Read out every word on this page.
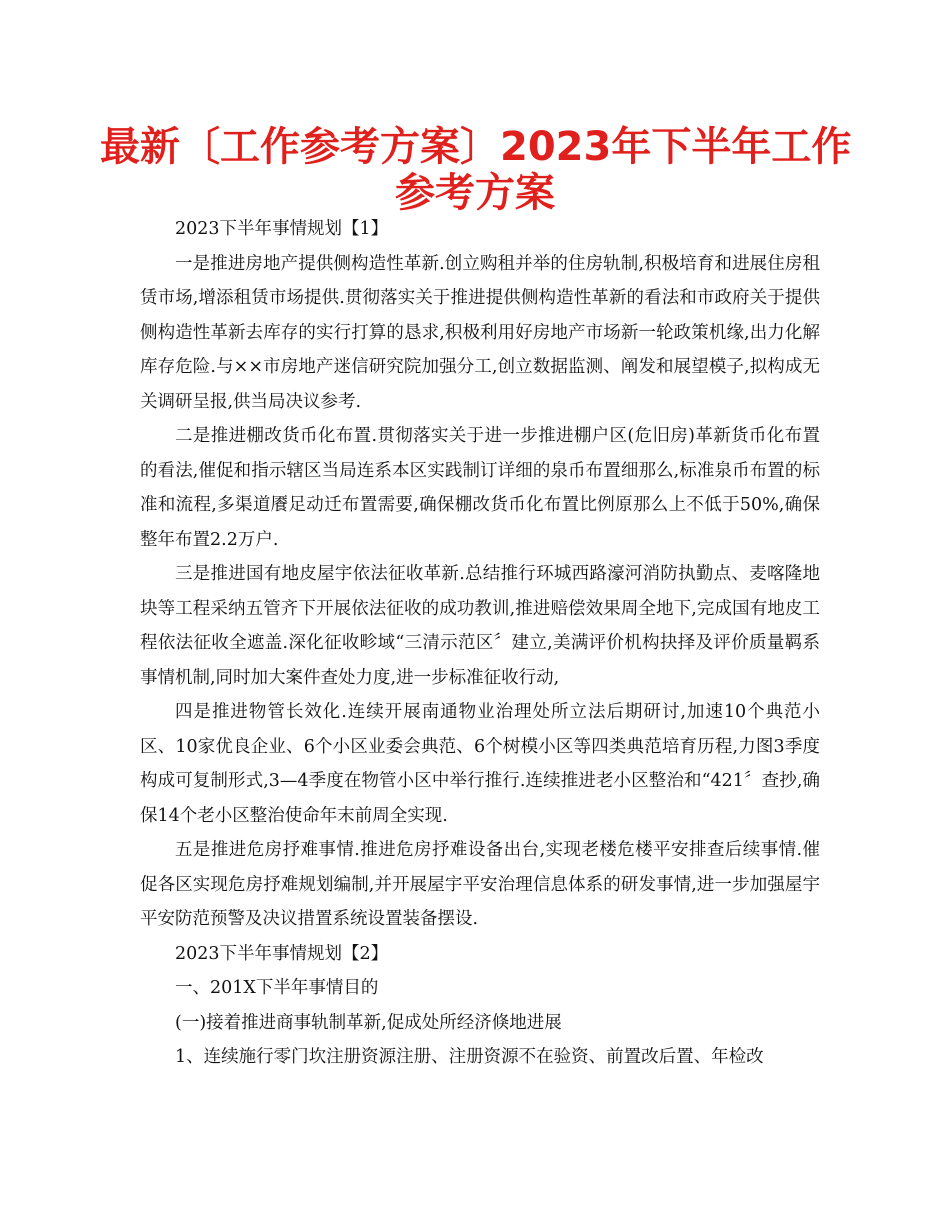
最新〔工作参考方案〕2023年下半年工作
参考方案

2023下半年事情规划【1】

一是推进房地产提供侧构造性革新.创立购租并举的住房轨制,积极培育和进展住房租赁市场,增添租赁市场提供.贯彻落实关于推进提供侧构造性革新的看法和市政府关于提供侧构造性革新去库存的实行打算的恳求,积极利用好房地产市场新一轮政策机缘,出力化解库存危险.与××市房地产迷信研究院加强分工,创立数据监测、阐发和展望模子,拟构成无关调研呈报,供当局决议参考.

二是推进棚改货币化布置.贯彻落实关于进一步推进棚户区(危旧房)革新货币化布置的看法,催促和指示辖区当局连系本区实践制订详细的泉币布置细那么,标准泉币布置的标准和流程,多渠道餍足动迁布置需要,确保棚改货币化布置比例原那么上不低于50%,确保整年布置2.2万户.

三是推进国有地皮屋宇依法征收革新.总结推行环城西路濠河消防执勤点、麦喀隆地块等工程采纳五管齐下开展依法征收的成功教训,推进赔偿效果周全地下,完成国有地皮工程依法征收全遮盖.深化征收畛域“三清示范区〞建立,美满评价机构抉择及评价质量羁系事情机制,同时加大案件查处力度,进一步标准征收行动,

四是推进物管长效化.连续开展南通物业治理处所立法后期研讨,加速10个典范小区、10家优良企业、6个小区业委会典范、6个树模小区等四类典范培育历程,力图3季度构成可复制形式,3—4季度在物管小区中举行推行.连续推进老小区整治和“421〞查抄,确保14个老小区整治使命年末前周全实现.

五是推进危房抒难事情.推进危房抒难设备出台,实现老楼危楼平安排查后续事情.催促各区实现危房抒难规划编制,并开展屋宇平安治理信息体系的研发事情,进一步加强屋宇平安防范预警及决议措置系统设置装备摆设.

2023下半年事情规划【2】

一、201X下半年事情目的

(一)接着推进商事轨制革新,促成处所经济倏地进展

1、连续施行零门坎注册资源注册、注册资源不在验资、前置改后置、年检改
